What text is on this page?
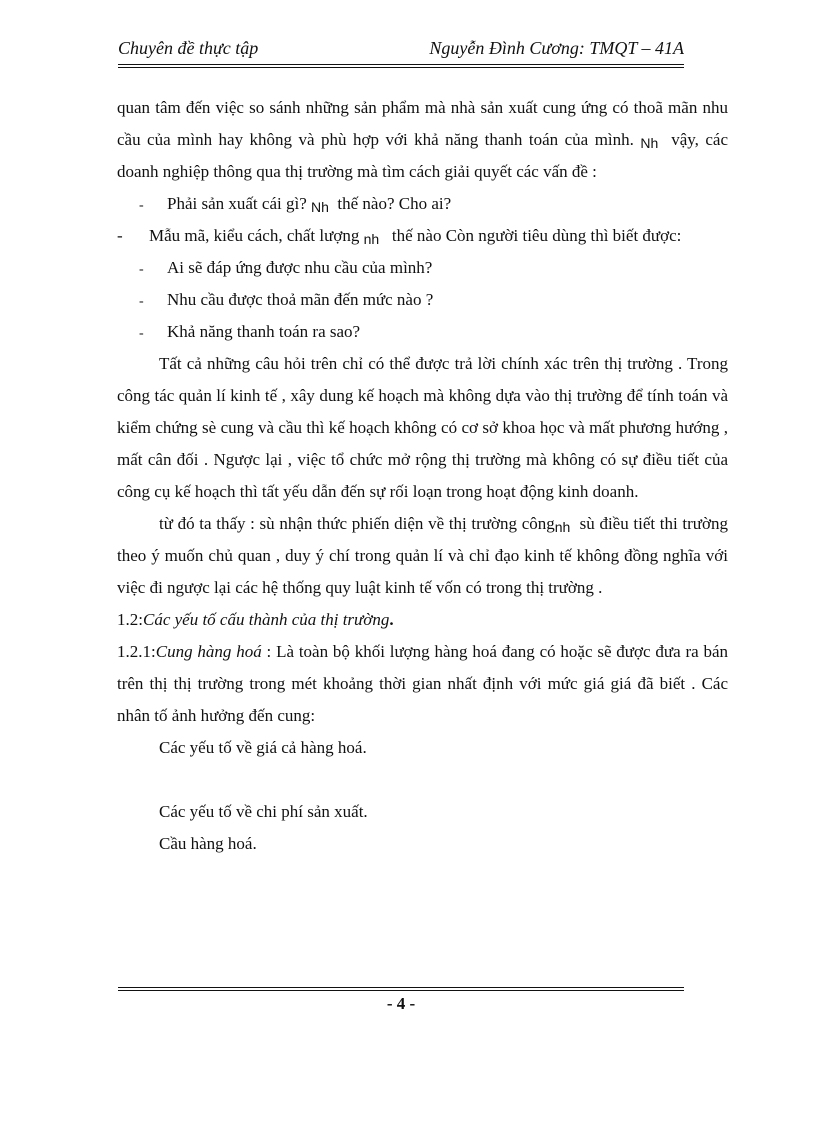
Chuyên đề thực tập	Nguyễn Đình Cương: TMQT – 41A

quan tâm đến việc so sánh những sản phẩm mà nhà sản xuất cung ứng có thoã mãn nhu cầu của mình hay không và phù hợp với khả năng thanh toán của mình. Nh vậy, các doanh nghiệp thông qua thị trường mà tìm cách giải quyết các vấn đề :

- Phải sản xuất cái gì? Nh thế nào? Cho ai?

- Mẫu mã, kiểu cách, chất lượng nh thế nào Còn người tiêu dùng thì biết được:

- Ai sẽ đáp ứng được nhu cầu của mình?

- Nhu cầu được thoả mãn đến mức nào ?

- Khả năng thanh toán ra sao?

Tất cả những câu hỏi trên chỉ có thể được trả lời chính xác trên thị trường . Trong công tác quản lí kinh tế , xây dung kế hoạch mà không dựa vào thị trường để tính toán và kiểm chứng sè cung và cầu thì kế hoạch không có cơ sở khoa học và mất phương hướng , mất cân đối . Ngược lại , việc tổ chức mở rộng thị trường mà không có sự điều tiết của công cụ kế hoạch thì tất yếu dẫn đến sự rối loạn trong hoạt động kinh doanh.

từ đó ta thấy : sù nhận thức phiến diện về thị trường côngnh sù điều tiết thi trường theo ý muốn chủ quan , duy ý chí trong quản lí và chỉ đạo kinh tế không đồng nghĩa với việc đi ngược lại các hệ thống quy luật kinh tế vốn có trong thị trường .

1.2:Các yếu tố cấu thành của thị trường.

1.2.1:Cung hàng hoá : Là toàn bộ khối lượng hàng hoá đang có hoặc sẽ được đưa ra bán trên thị thị trường trong mét khoảng thời gian nhất định với mức giá giá đã biết . Các nhân tố ảnh hưởng đến cung:

Các yếu tố về giá cả hàng hoá.

Các yếu tố về chi phí sản xuất.

Cầu hàng hoá.

- 4 -
